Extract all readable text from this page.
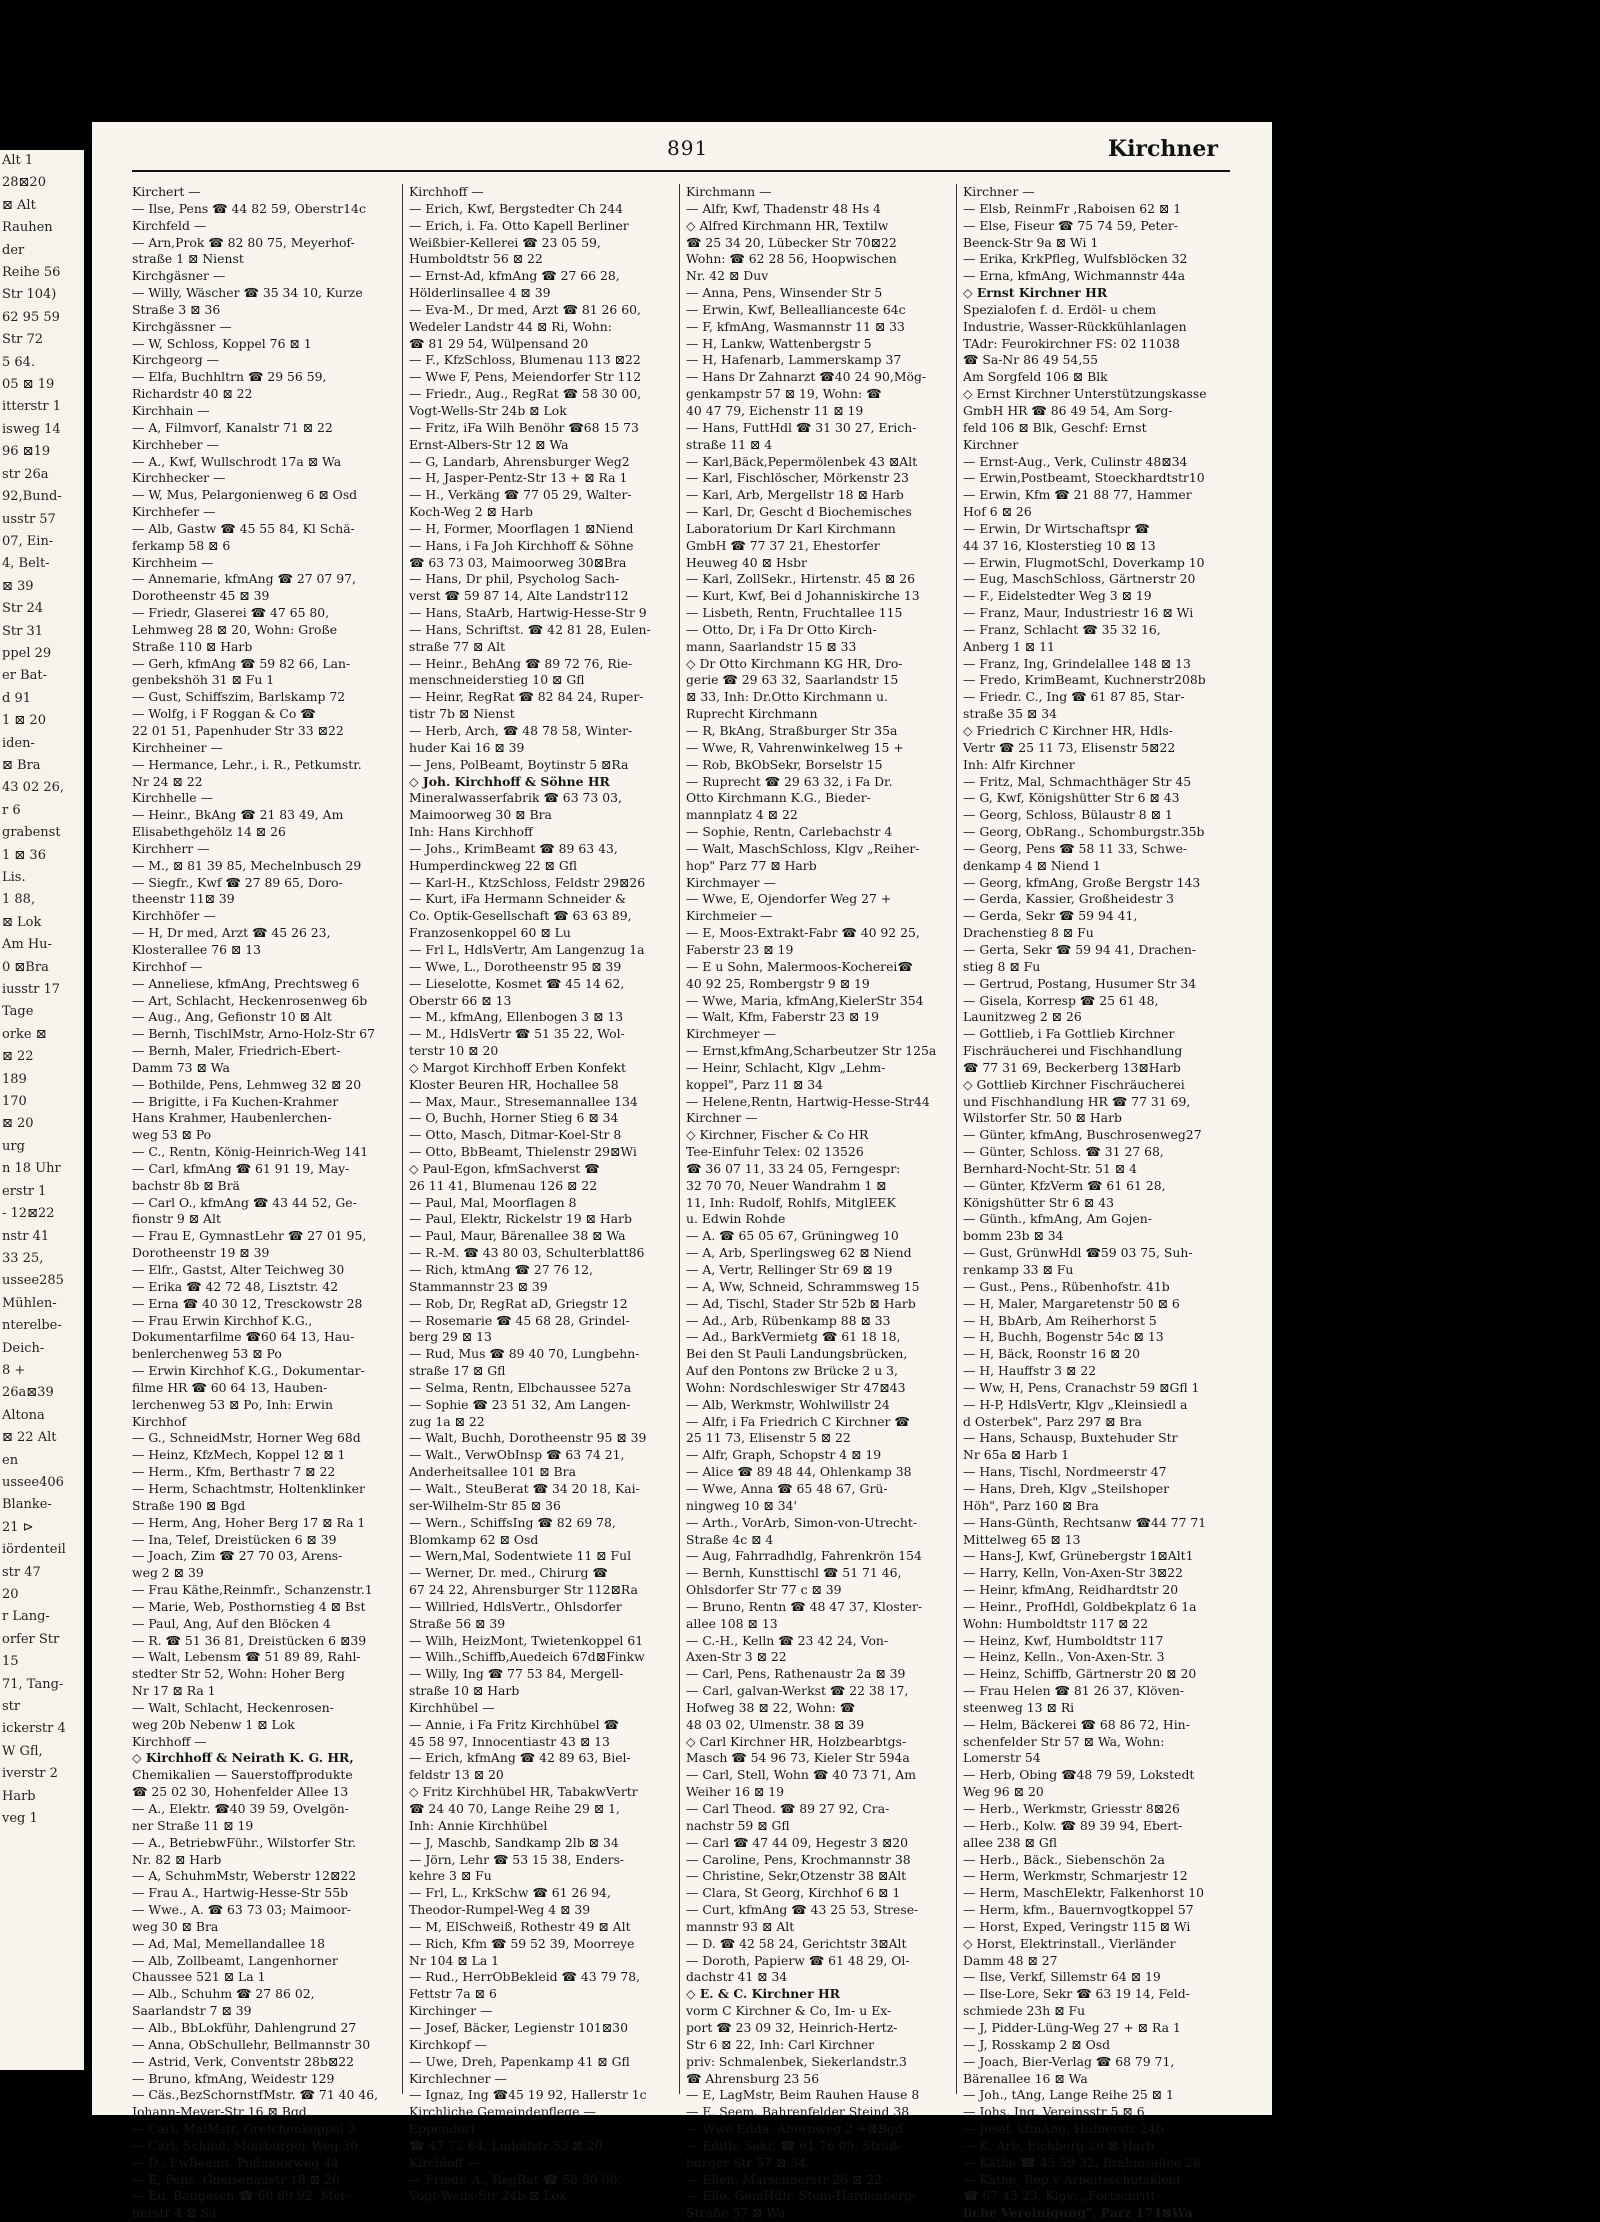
Alt 1
28⊠20
⊠ Alt
Rauhen
der
Reihe 56
Str 104)
62 95 59
Str 72
5 64.
05 ⊠ 19
itterstr 1
isweg 14
96 ⊠19
str 26a
92,Bund-
usstr 57
07, Ein-
4, Belt-
⊠ 39
Str 24
Str 31
ppel 29
er Bat-
d 91
1 ⊠ 20
iden-
⊠ Bra
43 02 26,
r 6
grabenst
1 ⊠ 36
Lis.
1 88,
⊠ Lok
Am Hu-
0 ⊠Bra
iusstr 17
Tage
orke ⊠
⊠ 22
189
170
⊠ 20
urg
n 18 Uhr
erstr 1
- 12⊠22
nstr 41
33 25,
ussee285
Mühlen-
nterelbe-
Deich-
8 +
26a⊠39
Altona
⊠ 22 Alt
en
ussee406
Blanke-
21 ⊳
iördenteil
str 47
20
r Lang-
orfer Str
15
71, Tang-
str
ickerstr 4
W Gfl,
iverstr 2
Harb
veg 1
891	Kirchner
Kirchert —
— Ilse, Pens ☎ 44 82 59, Oberstr14c
Kirchfeld —
— Arn,Prok ☎ 82 80 75, Meyerhof-
straße 1 ⊠ Nienst
Kirchgäsner —
— Willy, Wäscher ☎ 35 34 10, Kurze
Straße 3 ⊠ 36
Kirchgässner —
— W, Schloss, Koppel 76 ⊠ 1
Kirchgeorg —
— Elfa, Buchhltrn ☎ 29 56 59,
Richardstr 40 ⊠ 22
Kirchhain —
— A, Filmvorf, Kanalstr 71 ⊠ 22
Kirchheber —
— A., Kwf, Wullschrodt 17a ⊠ Wa
Kirchhecker —
— W, Mus, Pelargonienweg 6 ⊠ Osd
Kirchhefer —
— Alb, Gastw ☎ 45 55 84, Kl Schä-
ferkamp 58 ⊠ 6
Kirchheim —
— Annemarie, kfmAng ☎ 27 07 97,
Dorotheenstr 45 ⊠ 39
— Friedr, Glaserei ☎ 47 65 80,
Lehmweg 28 ⊠ 20, Wohn: Große
Straße 110 ⊠ Harb
— Gerh, kfmAng ☎ 59 82 66, Lan-
genbekshöh 31 ⊠ Fu 1
— Gust, Schiffszim, Barlskamp 72
— Wolfg, i F Roggan & Co ☎
22 01 51, Papenhuder Str 33 ⊠22
Kirchheiner —
— Hermance, Lehr., i. R., Petkumstr.
Nr 24 ⊠ 22
Kirchhelle —
— Heinr., BkAng ☎ 21 83 49, Am
Elisabethgehölz 14 ⊠ 26
Kirchherr —
— M., ⊠ 81 39 85, Mechelnbusch 29
— Siegfr., Kwf ☎ 27 89 65, Doro-
theenstr 11⊠ 39
Kirchhöfer —
— H, Dr med, Arzt ☎ 45 26 23,
Klosterallee 76 ⊠ 13
Kirchhof —
— Anneliese, kfmAng, Prechtsweg 6
— Art, Schlacht, Heckenrosenweg 6b
— Aug., Ang, Gefionstr 10 ⊠ Alt
— Bernh, TischlMstr, Arno-Holz-Str 67
— Bernh, Maler, Friedrich-Ebert-
Damm 73 ⊠ Wa
— Bothilde, Pens, Lehmweg 32 ⊠ 20
— Brigitte, i Fa Kuchen-Krahmer
Hans Krahmer, Haubenlerchen-
weg 53 ⊠ Po
— C., Rentn, König-Heinrich-Weg 141
— Carl, kfmAng ☎ 61 91 19, May-
bachstr 8b ⊠ Brä
— Carl O., kfmAng ☎ 43 44 52, Ge-
fionstr 9 ⊠ Alt
— Frau E, GymnastLehr ☎ 27 01 95,
Dorotheenstr 19 ⊠ 39
— Elfr., Gastst, Alter Teichweg 30
— Erika ☎ 42 72 48, Lisztstr. 42
— Erna ☎ 40 30 12, Tresckowstr 28
— Frau Erwin Kirchhof K.G.,
Dokumentarfilme ☎60 64 13, Hau-
benlerchenweg 53 ⊠ Po
— Erwin Kirchhof K.G., Dokumentar-
filme HR ☎ 60 64 13, Hauben-
lerchenweg 53 ⊠ Po, Inh: Erwin
Kirchhof
— G., SchneidMstr, Horner Weg 68d
— Heinz, KfzMech, Koppel 12 ⊠ 1
— Herm., Kfm, Berthastr 7 ⊠ 22
— Herm, Schachtmstr, Holtenklinker
Straße 190 ⊠ Bgd
— Herm, Ang, Hoher Berg 17 ⊠ Ra 1
— Ina, Telef, Dreistücken 6 ⊠ 39
— Joach, Zim ☎ 27 70 03, Arens-
weg 2 ⊠ 39
— Frau Käthe,Reinmfr., Schanzenstr.1
— Marie, Web, Posthornstieg 4 ⊠ Bst
— Paul, Ang, Auf den Blöcken 4
— R. ☎ 51 36 81, Dreistücken 6 ⊠39
— Walt, Lebensm ☎ 51 89 89, Rahl-
stedter Str 52, Wohn: Hoher Berg
Nr 17 ⊠ Ra 1
— Walt, Schlacht, Heckenrosen-
weg 20b Nebenw 1 ⊠ Lok
Kirchhoff —
◇ Kirchhoff & Neirath K. G. HR,
Chemikalien — Sauerstoffprodukte
☎ 25 02 30, Hohenfelder Allee 13
— A., Elektr. ☎40 39 59, Ovelgön-
ner Straße 11 ⊠ 19
— A., BetriebwFühr., Wilstorfer Str.
Nr. 82 ⊠ Harb
— A, SchuhmMstr, Weberstr 12⊠22
— Frau A., Hartwig-Hesse-Str 55b
— Wwe., A. ☎ 63 73 03; Maimoor-
weg 30 ⊠ Bra
— Ad, Mal, Memellandallee 18
— Alb, Zollbeamt, Langenhorner
Chaussee 521 ⊠ La 1
— Alb., Schuhm ☎ 27 86 02,
Saarlandstr 7 ⊠ 39
— Alb., BbLokführ, Dahlengrund 27
— Anna, ObSchullehr, Bellmannstr 30
— Astrid, Verk, Conventstr 28b⊠22
— Bruno, kfmAng, Weidestr 129
— Cäs.,BezSchornstfMstr. ☎ 71 40 46,
Johann-Meyer-Str 16 ⊠ Bgd
— Carl, MalMstr, Gretchenkoppel 3
— Carl, Schmd, Moisburger Weg 30
— D., FwBeamt, Poßmoorweg 44
— E, Pens, Gneisenaustr 18 ⊠ 20
— Ed, Baugesch ☎ 60 89 92, Mei-
nerstr 4 ⊠ Sa
Kirchhoff —
— Erich, Kwf, Bergstedter Ch 244
— Erich, i. Fa. Otto Kapell Berliner
Weißbier-Kellerei ☎ 23 05 59,
Humboldtstr 56 ⊠ 22
— Ernst-Ad, kfmAng ☎ 27 66 28,
Hölderlinsallee 4 ⊠ 39
— Eva-M., Dr med, Arzt ☎ 81 26 60,
Wedeler Landstr 44 ⊠ Ri, Wohn:
☎ 81 29 54, Wülpensand 20
— F., KfzSchloss, Blumenau 113 ⊠22
— Wwe F, Pens, Meiendorfer Str 112
— Friedr., Aug., RegRat ☎ 58 30 00,
Vogt-Wells-Str 24b ⊠ Lok
— Fritz, iFa Wilh Benöhr ☎68 15 73
Ernst-Albers-Str 12 ⊠ Wa
— G, Landarb, Ahrensburger Weg2
— H, Jasper-Pentz-Str 13 + ⊠ Ra 1
— H., Verkäng ☎ 77 05 29, Walter-
Koch-Weg 2 ⊠ Harb
— H, Former, Moorflagen 1 ⊠Niend
— Hans, i Fa Joh Kirchhoff & Söhne
☎ 63 73 03, Maimoorweg 30⊠Bra
— Hans, Dr phil, Psycholog Sach-
verst ☎ 59 87 14, Alte Landstr112
— Hans, StaArb, Hartwig-Hesse-Str 9
— Hans, Schriftst. ☎ 42 81 28, Eulen-
straße 77 ⊠ Alt
— Heinr., BehAng ☎ 89 72 76, Rie-
menschneiderstieg 10 ⊠ Gfl
— Heinr, RegRat ☎ 82 84 24, Ruper-
tistr 7b ⊠ Nienst
— Herb, Arch, ☎ 48 78 58, Winter-
huder Kai 16 ⊠ 39
— Jens, PolBeamt, Boytinstr 5 ⊠Ra
◇ Joh. Kirchhoff & Söhne HR
Mineralwasserfabrik ☎ 63 73 03,
Maimoorweg 30 ⊠ Bra
Inh: Hans Kirchhoff
— Johs., KrimBeamt ☎ 89 63 43,
Humperdinckweg 22 ⊠ Gfl
— Karl-H., KtzSchloss, Feldstr 29⊠26
— Kurt, iFa Hermann Schneider &
Co. Optik-Gesellschaft ☎ 63 63 89,
Franzosenkoppel 60 ⊠ Lu
— Frl L, HdlsVertr, Am Langenzug 1a
— Wwe, L., Dorotheenstr 95 ⊠ 39
— Lieselotte, Kosmet ☎ 45 14 62,
Oberstr 66 ⊠ 13
— M., kfmAng, Ellenbogen 3 ⊠ 13
— M., HdlsVertr ☎ 51 35 22, Wol-
terstr 10 ⊠ 20
◇ Margot Kirchhoff Erben Konfekt
Kloster Beuren HR, Hochallee 58
— Max, Maur., Stresemannallee 134
— O, Buchh, Horner Stieg 6 ⊠ 34
— Otto, Masch, Ditmar-Koel-Str 8
— Otto, BbBeamt, Thielenstr 29⊠Wi
◇ Paul-Egon, kfmSachverst ☎
26 11 41, Blumenau 126 ⊠ 22
— Paul, Mal, Moorflagen 8
— Paul, Elektr, Rickelstr 19 ⊠ Harb
— Paul, Maur, Bärenallee 38 ⊠ Wa
— R.-M. ☎ 43 80 03, Schulterblatt86
— Rich, ktmAng ☎ 27 76 12,
Stammannstr 23 ⊠ 39
— Rob, Dr, RegRat aD, Griegstr 12
— Rosemarie ☎ 45 68 28, Grindel-
berg 29 ⊠ 13
— Rud, Mus ☎ 89 40 70, Lungbehn-
straße 17 ⊠ Gfl
— Selma, Rentn, Elbchaussee 527a
— Sophie ☎ 23 51 32, Am Langen-
zug 1a ⊠ 22
— Walt, Buchh, Dorotheenstr 95 ⊠ 39
— Walt., VerwObInsp ☎ 63 74 21,
Anderheitsallee 101 ⊠ Bra
— Walt., SteuBerat ☎ 34 20 18, Kai-
ser-Wilhelm-Str 85 ⊠ 36
— Wern., SchiffsIng ☎ 82 69 78,
Blomkamp 62 ⊠ Osd
— Wern,Mal, Sodentwiete 11 ⊠ Ful
— Werner, Dr. med., Chirurg ☎
67 24 22, Ahrensburger Str 112⊠Ra
— Willried, HdlsVertr., Ohlsdorfer
Straße 56 ⊠ 39
— Wilh, HeizMont, Twietenkoppel 61
— Wilh.,Schiffb,Auedeich 67d⊠Finkw
— Willy, Ing ☎ 77 53 84, Mergell-
straße 10 ⊠ Harb
Kirchhübel —
— Annie, i Fa Fritz Kirchhübel ☎
45 58 97, Innocentiastr 43 ⊠ 13
— Erich, kfmAng ☎ 42 89 63, Biel-
feldstr 13 ⊠ 20
◇ Fritz Kirchhübel HR, TabakwVertr
☎ 24 40 70, Lange Reihe 29 ⊠ 1,
Inh: Annie Kirchhübel
— J, Maschb, Sandkamp 2lb ⊠ 34
— Jörn, Lehr ☎ 53 15 38, Enders-
kehre 3 ⊠ Fu
— Frl, L., KrkSchw ☎ 61 26 94,
Theodor-Rumpel-Weg 4 ⊠ 39
— M, ElSchweiß, Rothestr 49 ⊠ Alt
— Rich, Kfm ☎ 59 52 39, Moorreye
Nr 104 ⊠ La 1
— Rud., HerrObBekleid ☎ 43 79 78,
Fettstr 7a ⊠ 6
Kirchinger —
— Josef, Bäcker, Legienstr 101⊠30
Kirchkopf —
— Uwe, Dreh, Papenkamp 41 ⊠ Gfl
Kirchlechner —
— Ignaz, Ing ☎45 19 92, Hallerstr 1c
Kirchliche Gemeindepflege —
Eppendorf
☎ 47 72 64, Ludolfstr 53 ⊠ 20
Kirchloff —
— Friedr. A., RegRat ☎ 58 30 00,
Vogt-Wells-Str 24b ⊠ Lok
Kirchmann —
— Alfr, Kwf, Thadenstr 48 Hs 4
◇ Alfred Kirchmann HR, Textilw
☎ 25 34 20, Lübecker Str 70⊠22
Wohn: ☎ 62 28 56, Hoopwischen
Nr. 42 ⊠ Duv
— Anna, Pens, Winsender Str 5
— Erwin, Kwf, Belleallianceste 64c
— F, kfmAng, Wasmannstr 11 ⊠ 33
— H, Lankw, Wattenbergstr 5
— H, Hafenarb, Lammerskamp 37
— Hans Dr Zahnarzt ☎40 24 90,Mög-
genkampstr 57 ⊠ 19, Wohn: ☎
40 47 79, Eichenstr 11 ⊠ 19
— Hans, FuttHdl ☎ 31 30 27, Erich-
straße 11 ⊠ 4
— Karl,Bäck,Pepermölenbek 43 ⊠Alt
— Karl, Fischlöscher, Mörkenstr 23
— Karl, Arb, Mergellstr 18 ⊠ Harb
— Karl, Dr, Gescht d Biochemisches
Laboratorium Dr Karl Kirchmann
GmbH ☎ 77 37 21, Ehestorfer
Heuweg 40 ⊠ Hsbr
— Karl, ZollSekr., Hirtenstr. 45 ⊠ 26
— Kurt, Kwf, Bei d Johanniskirche 13
— Lisbeth, Rentn, Fruchtallee 115
— Otto, Dr, i Fa Dr Otto Kirch-
mann, Saarlandstr 15 ⊠ 33
◇ Dr Otto Kirchmann KG HR, Dro-
gerie ☎ 29 63 32, Saarlandstr 15
⊠ 33, Inh: Dr.Otto Kirchmann u.
Ruprecht Kirchmann
— R, BkAng, Straßburger Str 35a
— Wwe, R, Vahrenwinkelweg 15 +
— Rob, BkObSekr, Borselstr 15
— Ruprecht ☎ 29 63 32, i Fa Dr.
Otto Kirchmann K.G., Bieder-
mannplatz 4 ⊠ 22
— Sophie, Rentn, Carlebachstr 4
— Walt, MaschSchloss, Klgv „Reiher-
hop" Parz 77 ⊠ Harb
Kirchmayer —
— Wwe, E, Ojendorfer Weg 27 +
Kirchmeier —
— E, Moos-Extrakt-Fabr ☎ 40 92 25,
Faberstr 23 ⊠ 19
— E u Sohn, Malermoos-Kocherei☎
40 92 25, Rombergstr 9 ⊠ 19
— Wwe, Maria, kfmAng,KielerStr 354
— Walt, Kfm, Faberstr 23 ⊠ 19
Kirchmeyer —
— Ernst,kfmAng,Scharbeutzer Str 125a
— Heinr, Schlacht, Klgv „Lehm-
koppel", Parz 11 ⊠ 34
— Helene,Rentn, Hartwig-Hesse-Str44
Kirchner —
◇ Kirchner, Fischer & Co HR
Tee-Einfuhr Telex: 02 13526
☎ 36 07 11, 33 24 05, Ferngespr:
32 70 70, Neuer Wandrahm 1 ⊠
11, Inh: Rudolf, Rohlfs, MitglEEK
u. Edwin Rohde
— A. ☎ 65 05 67, Grüningweg 10
— A, Arb, Sperlingsweg 62 ⊠ Niend
— A, Vertr, Rellinger Str 69 ⊠ 19
— A, Ww, Schneid, Schrammsweg 15
— Ad, Tischl, Stader Str 52b ⊠ Harb
— Ad., Arb, Rübenkamp 88 ⊠ 33
— Ad., BarkVermietg ☎ 61 18 18,
Bei den St Pauli Landungsbrücken,
Auf den Pontons zw Brücke 2 u 3,
Wohn: Nordschleswiger Str 47⊠43
— Alb, Werkmstr, Wohlwillstr 24
— Alfr, i Fa Friedrich C Kirchner ☎
25 11 73, Elisenstr 5 ⊠ 22
— Alfr, Graph, Schopstr 4 ⊠ 19
— Alice ☎ 89 48 44, Ohlenkamp 38
— Wwe, Anna ☎ 65 48 67, Grü-
ningweg 10 ⊠ 34'
— Arth., VorArb, Simon-von-Utrecht-
Straße 4c ⊠ 4
— Aug, Fahrradhdlg, Fahrenkrön 154
— Bernh, Kunsttischl ☎ 51 71 46,
Ohlsdorfer Str 77 c ⊠ 39
— Bruno, Rentn ☎ 48 47 37, Kloster-
allee 108 ⊠ 13
— C.-H., Kelln ☎ 23 42 24, Von-
Axen-Str 3 ⊠ 22
— Carl, Pens, Rathenaustr 2a ⊠ 39
— Carl, galvan-Werkst ☎ 22 38 17,
Hofweg 38 ⊠ 22, Wohn: ☎
48 03 02, Ulmenstr. 38 ⊠ 39
◇ Carl Kirchner HR, Holzbearbtgs-
Masch ☎ 54 96 73, Kieler Str 594a
— Carl, Stell, Wohn ☎ 40 73 71, Am
Weiher 16 ⊠ 19
— Carl Theod. ☎ 89 27 92, Cra-
nachstr 59 ⊠ Gfl
— Carl ☎ 47 44 09, Hegestr 3 ⊠20
— Caroline, Pens, Krochmannstr 38
— Christine, Sekr,Otzenstr 38 ⊠Alt
— Clara, St Georg, Kirchhof 6 ⊠ 1
— Curt, kfmAng ☎ 43 25 53, Strese-
mannstr 93 ⊠ Alt
— D. ☎ 42 58 24, Gerichtstr 3⊠Alt
— Doroth, Papierw ☎ 61 48 29, Ol-
dachstr 41 ⊠ 34
◇ E. & C. Kirchner HR
vorm C Kirchner & Co, Im- u Ex-
port ☎ 23 09 32, Heinrich-Hertz-
Str 6 ⊠ 22, Inh: Carl Kirchner
priv: Schmalenbek, Siekerlandstr.3
☎ Ahrensburg 23 56
— E, LagMstr, Beim Rauhen Hause 8
— E, Seem, Bahrenfelder Steind 38
— Wwe Edda, Ahornweg 2 +⊠Bgd
— Edith, Sekr, ☎ 61 76 09, Straß-
burger Str 57 ⊠ 34
— Ellen, Marschnerstr 26 ⊠ 22
— Ello, GemHdlr, Stein-Hardenberg-
Straße 57 ⊠ Wa
Kirchner —
— Elsb, ReinmFr ,Raboisen 62 ⊠ 1
— Else, Fiseur ☎ 75 74 59, Peter-
Beenck-Str 9a ⊠ Wi 1
— Erika, KrkPfleg, Wulfsblöcken 32
— Erna, kfmAng, Wichmannstr 44a
◇ Ernst Kirchner HR
Spezialofen f. d. Erdöl- u chem
Industrie, Wasser-Rückkühlanlagen
TAdr: Feurokirchner FS: 02 11038
☎ Sa-Nr 86 49 54,55
Am Sorgfeld 106 ⊠ Blk
◇ Ernst Kirchner Unterstützungskasse
GmbH HR ☎ 86 49 54, Am Sorg-
feld 106 ⊠ Blk, Geschf: Ernst
Kirchner
— Ernst-Aug., Verk, Culinstr 48⊠34
— Erwin,Postbeamt, Stoeckhardtstr10
— Erwin, Kfm ☎ 21 88 77, Hammer
Hof 6 ⊠ 26
— Erwin, Dr Wirtschaftspr ☎
44 37 16, Klosterstieg 10 ⊠ 13
— Erwin, FlugmotSchl, Doverkamp 10
— Eug, MaschSchloss, Gärtnerstr 20
— F., Eidelstedter Weg 3 ⊠ 19
— Franz, Maur, Industriestr 16 ⊠ Wi
— Franz, Schlacht ☎ 35 32 16,
Anberg 1 ⊠ 11
— Franz, Ing, Grindelallee 148 ⊠ 13
— Fredo, KrimBeamt, Kuchnerstr208b
— Friedr. C., Ing ☎ 61 87 85, Star-
straße 35 ⊠ 34
◇ Friedrich C Kirchner HR, Hdls-
Vertr ☎ 25 11 73, Elisenstr 5⊠22
Inh: Alfr Kirchner
— Fritz, Mal, Schmachthäger Str 45
— G, Kwf, Königshütter Str 6 ⊠ 43
— Georg, Schloss, Bülaustr 8 ⊠ 1
— Georg, ObRang., Schomburgstr.35b
— Georg, Pens ☎ 58 11 33, Schwe-
denkamp 4 ⊠ Niend 1
— Georg, kfmAng, Große Bergstr 143
— Gerda, Kassier, Großheidestr 3
— Gerda, Sekr ☎ 59 94 41,
Drachenstieg 8 ⊠ Fu
— Gerta, Sekr ☎ 59 94 41, Drachen-
stieg 8 ⊠ Fu
— Gertrud, Postang, Husumer Str 34
— Gisela, Korresp ☎ 25 61 48,
Launitzweg 2 ⊠ 26
— Gottlieb, i Fa Gottlieb Kirchner
Fischräucherei und Fischhandlung
☎ 77 31 69, Beckerberg 13⊠Harb
◇ Gottlieb Kirchner Fischräucherei
und Fischhandlung HR ☎ 77 31 69,
Wilstorfer Str. 50 ⊠ Harb
— Günter, kfmAng, Buschrosenweg27
— Günter, Schloss. ☎ 31 27 68,
Bernhard-Nocht-Str. 51 ⊠ 4
— Günter, KfzVerm ☎ 61 61 28,
Königshütter Str 6 ⊠ 43
— Günth., kfmAng, Am Gojen-
bomm 23b ⊠ 34
— Gust, GrünwHdl ☎59 03 75, Suh-
renkamp 33 ⊠ Fu
— Gust., Pens., Rübenhofstr. 41b
— H, Maler, Margaretenstr 50 ⊠ 6
— H, BbArb, Am Reiherhorst 5
— H, Buchh, Bogenstr 54c ⊠ 13
— H, Bäck, Roonstr 16 ⊠ 20
— H, Hauffstr 3 ⊠ 22
— Ww, H, Pens, Cranachstr 59 ⊠Gfl 1
— H-P, HdlsVertr, Klgv „Kleinsiedl a
d Osterbek", Parz 297 ⊠ Bra
— Hans, Schausp, Buxtehuder Str
Nr 65a ⊠ Harb 1
— Hans, Tischl, Nordmeerstr 47
— Hans, Dreh, Klgv „Steilshoper
Höh", Parz 160 ⊠ Bra
— Hans-Günth, Rechtsanw ☎44 77 71
Mittelweg 65 ⊠ 13
— Hans-J, Kwf, Grünebergstr 1⊠Alt1
— Harry, Kelln, Von-Axen-Str 3⊠22
— Heinr, kfmAng, Reidhardtstr 20
— Heinr., ProfHdl, Goldbekplatz 6 1a
Wohn: Humboldtstr 117 ⊠ 22
— Heinz, Kwf, Humboldtstr 117
— Heinz, Kelln., Von-Axen-Str. 3
— Heinz, Schiffb, Gärtnerstr 20 ⊠ 20
— Frau Helen ☎ 81 26 37, Klöven-
steenweg 13 ⊠ Ri
— Helm, Bäckerei ☎ 68 86 72, Hin-
schenfelder Str 57 ⊠ Wa, Wohn:
Lomerstr 54
— Herb, Obing ☎48 79 59, Lokstedt
Weg 96 ⊠ 20
— Herb., Werkmstr, Griesstr 8⊠26
— Herb., Kolw. ☎ 89 39 94, Ebert-
allee 238 ⊠ Gfl
— Herb., Bäck., Siebenschön 2a
— Herm, Werkmstr, Schmarjestr 12
— Herm, MaschElektr, Falkenhorst 10
— Herm, kfm., Bauernvogtkoppel 57
— Horst, Exped, Veringstr 115 ⊠ Wi
◇ Horst, Elektrinstall., Vierländer
Damm 48 ⊠ 27
— Ilse, Verkf, Sillemstr 64 ⊠ 19
— Ilse-Lore, Sekr ☎ 63 19 14, Feld-
schmiede 23h ⊠ Fu
— J, Pidder-Lüng-Weg 27 + ⊠ Ra 1
— J, Rosskamp 2 ⊠ Osd
— Joach, Bier-Verlag ☎ 68 79 71,
Bärenallee 16 ⊠ Wa
— Joh., tAng, Lange Reihe 25 ⊠ 1
— Johs, Ing, Vereinsstr 5 ⊠ 6
— Josef, kfmAng, Hufnerstr 24b
— K, Arb, Eichberg 26 ⊠ Harb
— Käthe ☎ 45 59 32, Brahmsallee 28
— Käthe, Rep v Arbeitsschutzkleid
☎ 67 43 23, Klgv: „Fortschritt-
liche Vereinigung", Parz 174⊠Wa
